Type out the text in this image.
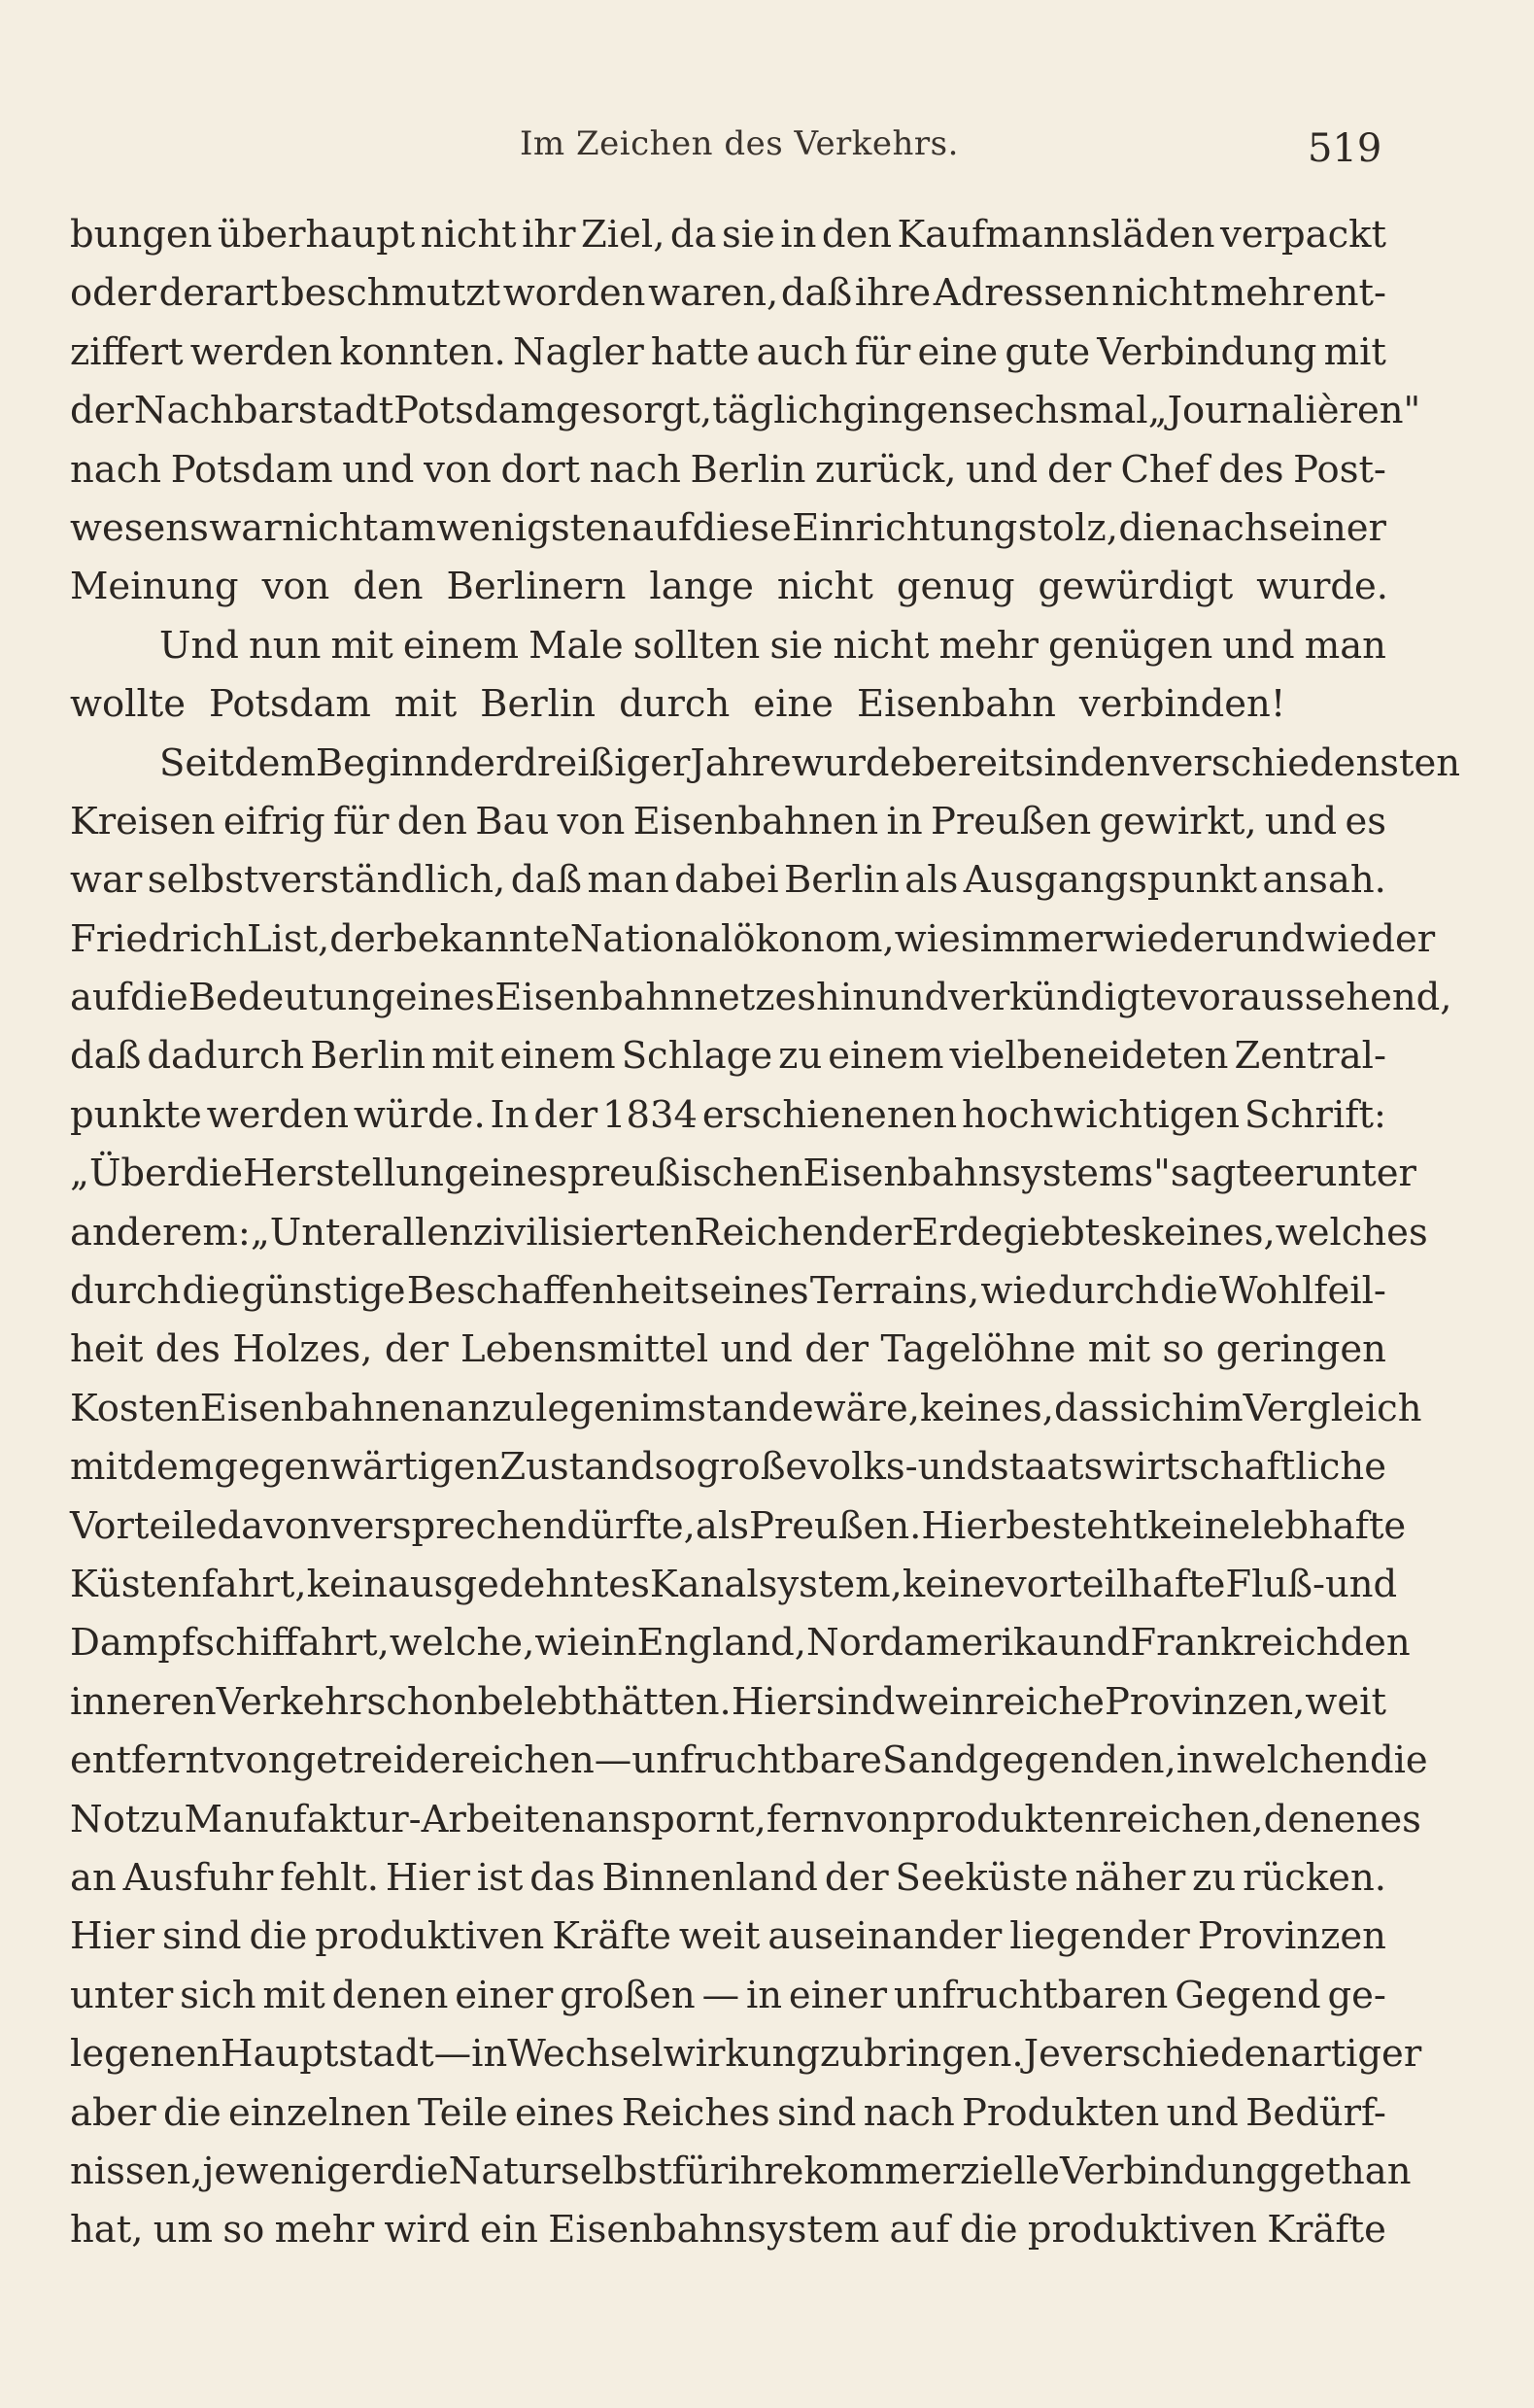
Im Zeichen des Verkehrs.	519
bungen überhaupt nicht ihr Ziel, da sie in den Kaufmannsläden verpackt
oder derart beschmutzt worden waren, daß ihre Adressen nicht mehr ent-
ziffert werden konnten. Nagler hatte auch für eine gute Verbindung mit
der Nachbarstadt Potsdam gesorgt, täglich gingen sechsmal „Journalièren"
nach Potsdam und von dort nach Berlin zurück, und der Chef des Post-
wesens war nicht am wenigsten auf diese Einrichtung stolz, die nach seiner
Meinung von den Berlinern lange nicht genug gewürdigt wurde.
Und nun mit einem Male sollten sie nicht mehr genügen und man
wollte Potsdam mit Berlin durch eine Eisenbahn verbinden!
Seit dem Beginn der dreißiger Jahre wurde bereits in den verschiedensten
Kreisen eifrig für den Bau von Eisenbahnen in Preußen gewirkt, und es
war selbstverständlich, daß man dabei Berlin als Ausgangspunkt ansah.
Friedrich List, der bekannte Nationalökonom, wies immer wieder und wieder
auf die Bedeutung eines Eisenbahnnetzes hin und verkündigte voraussehend,
daß dadurch Berlin mit einem Schlage zu einem vielbeneideten Zentral-
punkte werden würde. In der 1834 erschienenen hochwichtigen Schrift:
„Über die Herstellung eines preußischen Eisenbahnsystems" sagte er unter
anderem: „Unter allen zivilisierten Reichen der Erde giebt es keines, welches
durch die günstige Beschaffenheit seines Terrains, wie durch die Wohlfeil-
heit des Holzes, der Lebensmittel und der Tagelöhne mit so geringen
Kosten Eisenbahnen anzulegen imstande wäre, keines, das sich im Vergleich
mit dem gegenwärtigen Zustand so große volks- und staatswirtschaftliche
Vorteile davon versprechen dürfte, als Preußen. Hier besteht keine lebhafte
Küstenfahrt, kein ausgedehntes Kanalsystem, keine vorteilhafte Fluß- und
Dampfschiffahrt, welche, wie in England, Nordamerika und Frankreich den
inneren Verkehr schon belebt hätten. Hier sind weinreiche Provinzen, weit
entfernt von getreidereichen — unfruchtbare Sandgegenden, in welchen die
Not zu Manufaktur-Arbeiten anspornt, fern von produktenreichen, denen es
an Ausfuhr fehlt. Hier ist das Binnenland der Seeküste näher zu rücken.
Hier sind die produktiven Kräfte weit auseinander liegender Provinzen
unter sich mit denen einer großen — in einer unfruchtbaren Gegend ge-
legenen Hauptstadt — in Wechselwirkung zu bringen. Je verschiedenartiger
aber die einzelnen Teile eines Reiches sind nach Produkten und Bedürf-
nissen, je weniger die Natur selbst für ihre kommerzielle Verbindung gethan
hat, um so mehr wird ein Eisenbahnsystem auf die produktiven Kräfte
